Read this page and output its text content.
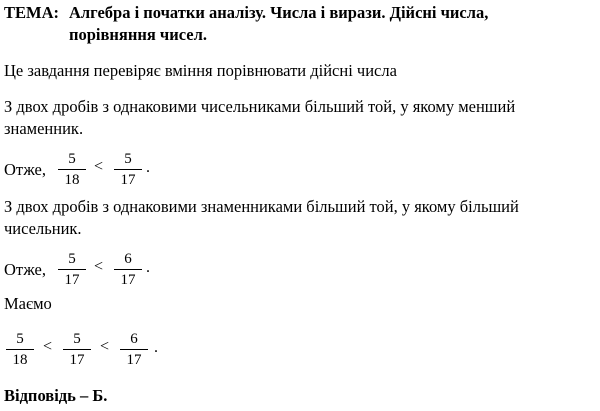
ТЕМА: Алгебра і початки аналізу. Числа і вирази. Дійсні числа,
порівняння чисел.
Це завдання перевіряє вміння порівнювати дійсні числа
З двох дробів з однаковими чисельниками більший той, у якому менший
знаменник.
Отже, $\frac{5}{18} < \frac{5}{17}$ .
З двох дробів з однаковими знаменниками більший той, у якому більший
чисельник.
Отже, $\frac{5}{17} < \frac{6}{17}$ .
Маємо
$\frac{5}{18} < \frac{5}{17} < \frac{6}{17}$ .
Відповідь – Б.
